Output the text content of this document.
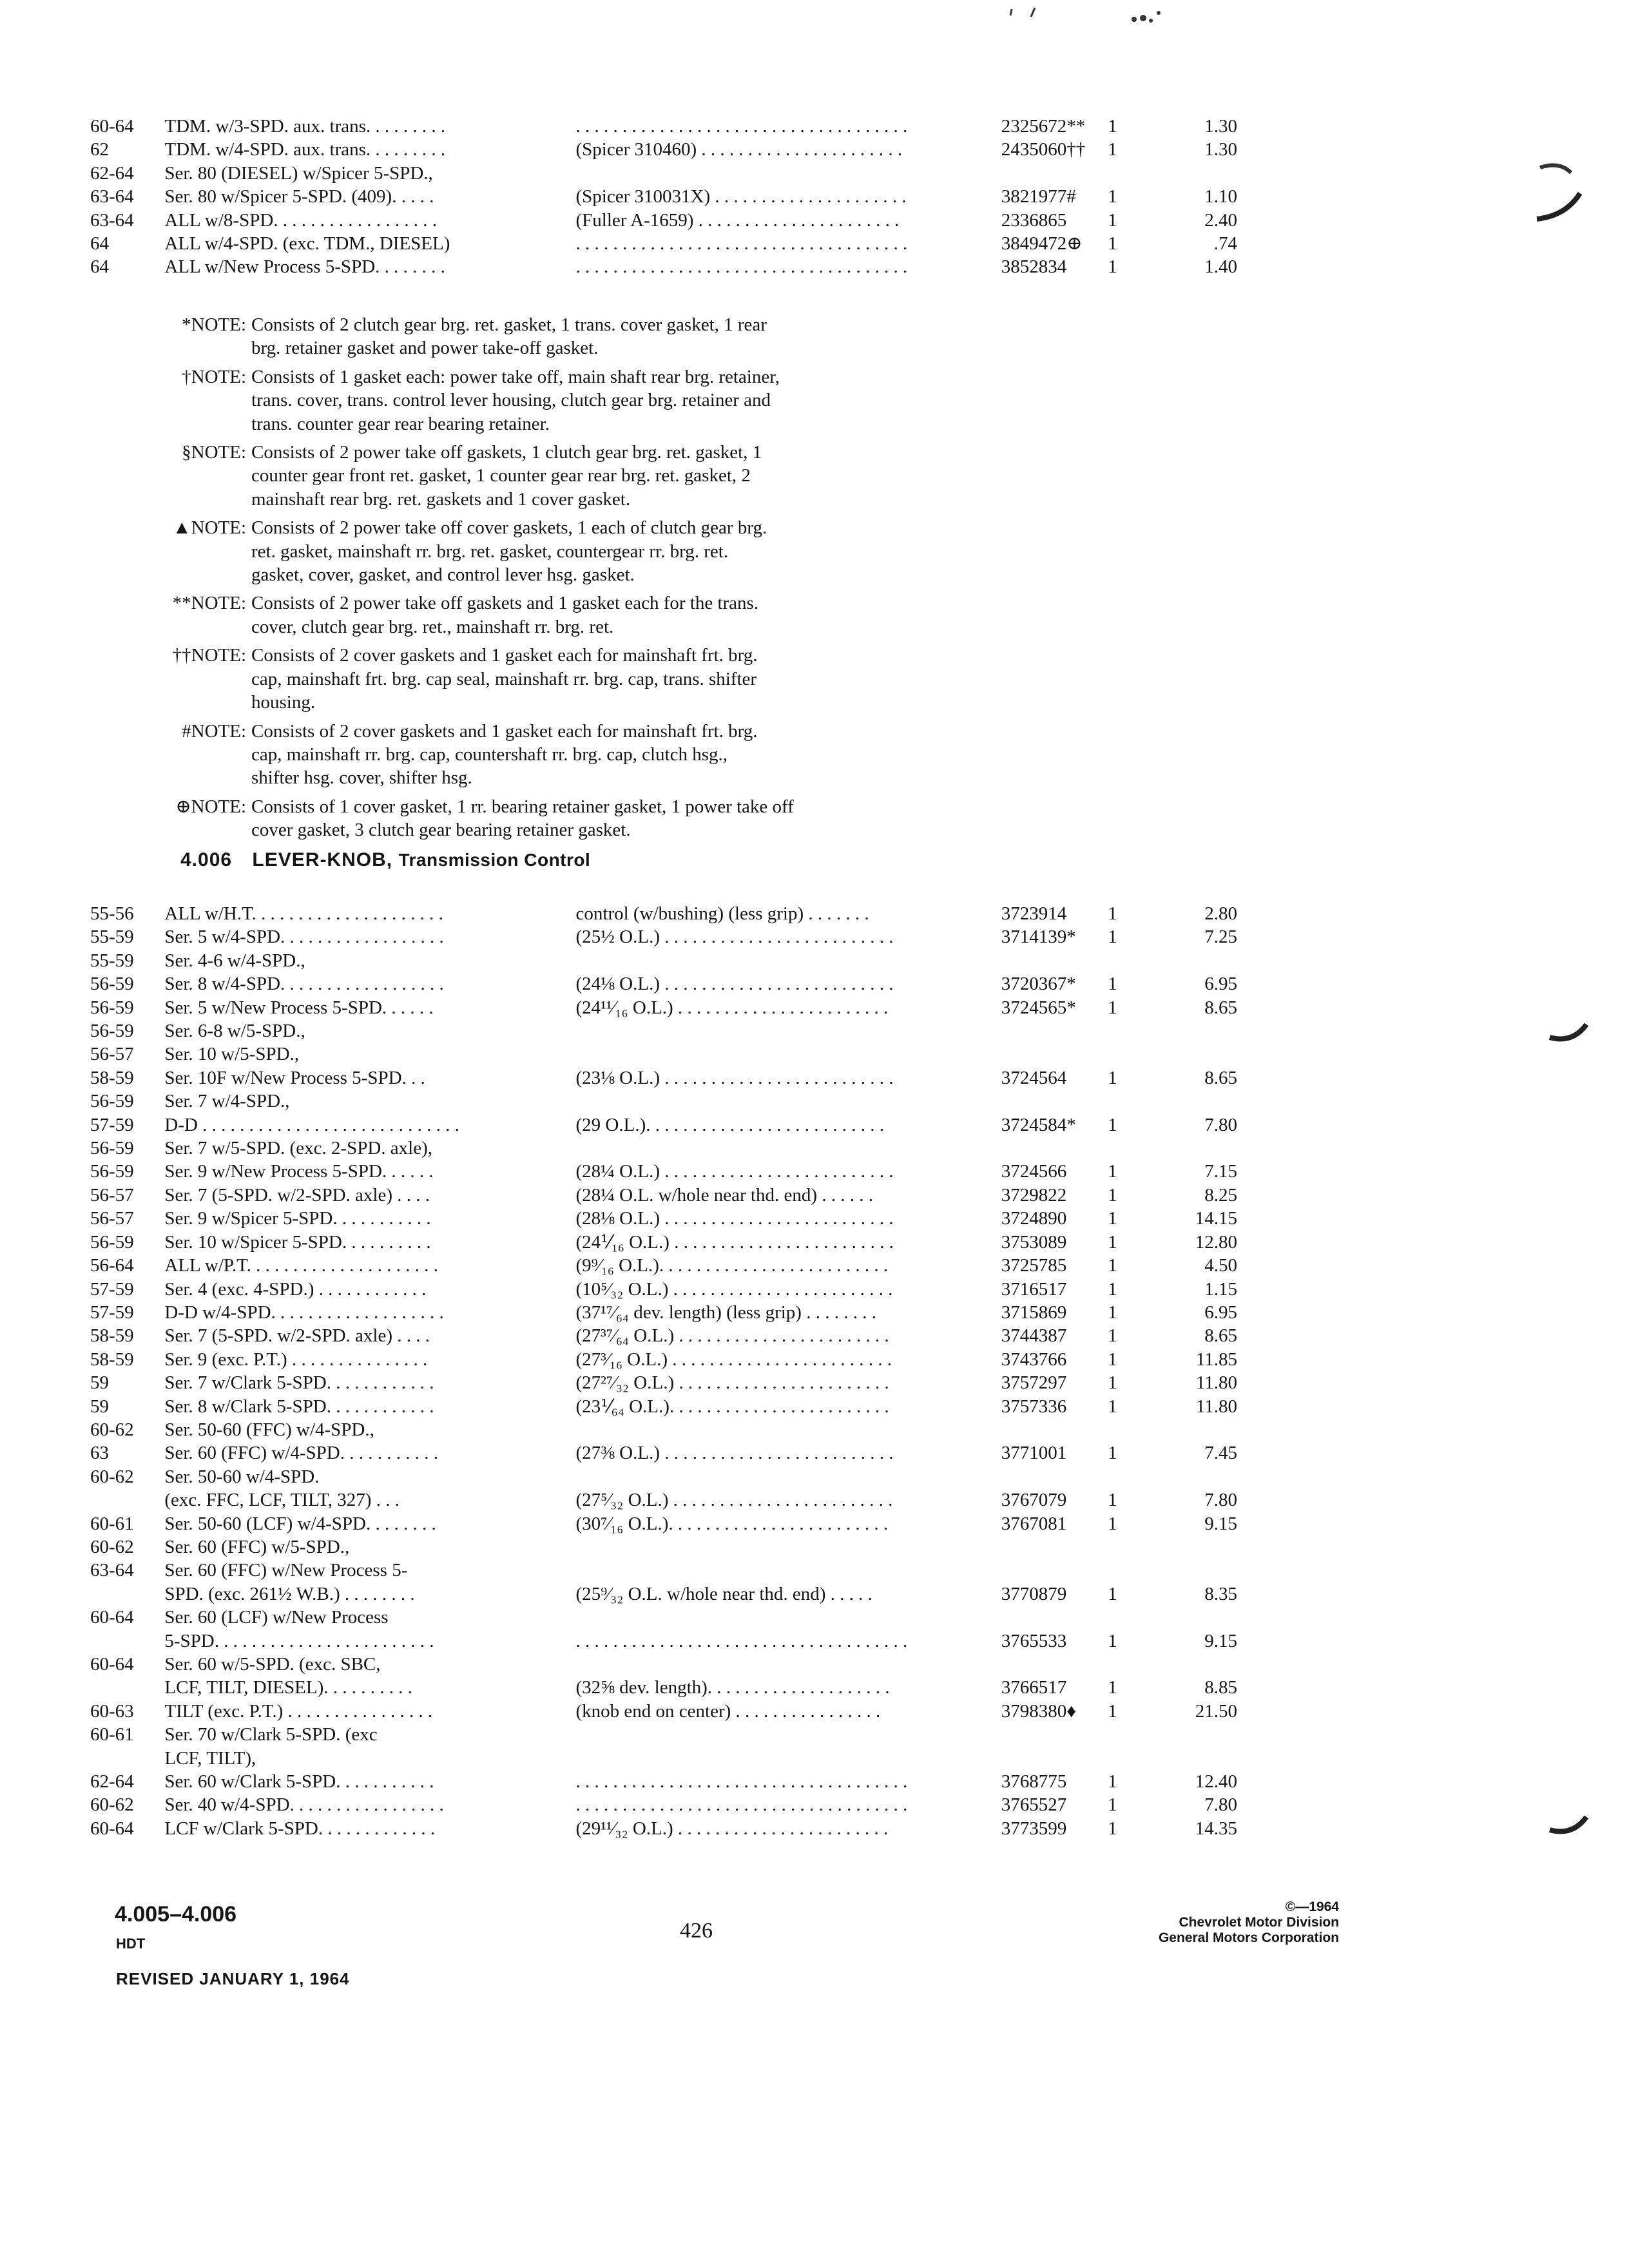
60-64	TDM. w/3-SPD. aux. trans. . . . . . . . .	. . . . . . . . . . . . . . . . . . . . . . . . . . . . . . . . . . . .	2325672**	1	1.30
62	TDM. w/4-SPD. aux. trans. . . . . . . . .	(Spicer 310460) . . . . . . . . . . . . . . . . . . . . . .	2435060††	1	1.30
62-64	Ser. 80 (DIESEL) w/Spicer 5-SPD.,				
63-64	Ser. 80 w/Spicer 5-SPD. (409). . . . .	(Spicer 310031X) . . . . . . . . . . . . . . . . . . . . .	3821977#	1	1.10
63-64	ALL w/8-SPD. . . . . . . . . . . . . . . . . .	(Fuller A-1659) . . . . . . . . . . . . . . . . . . . . . .	2336865	1	2.40
64	ALL w/4-SPD. (exc. TDM., DIESEL)	. . . . . . . . . . . . . . . . . . . . . . . . . . . . . . . . . . . .	3849472⊕	1	.74
64	ALL w/New Process 5-SPD. . . . . . . .	. . . . . . . . . . . . . . . . . . . . . . . . . . . . . . . . . . . .	3852834	1	1.40
*NOTE: Consists of 2 clutch gear brg. ret. gasket, 1 trans. cover gasket, 1 rear
brg. retainer gasket and power take-off gasket.
†NOTE: Consists of 1 gasket each: power take off, main shaft rear brg. retainer,
trans. cover, trans. control lever housing, clutch gear brg. retainer and
trans. counter gear rear bearing retainer.
§NOTE: Consists of 2 power take off gaskets, 1 clutch gear brg. ret. gasket, 1
counter gear front ret. gasket, 1 counter gear rear brg. ret. gasket, 2
mainshaft rear brg. ret. gaskets and 1 cover gasket.
▲NOTE: Consists of 2 power take off cover gaskets, 1 each of clutch gear brg.
ret. gasket, mainshaft rr. brg. ret. gasket, countergear rr. brg. ret.
gasket, cover, gasket, and control lever hsg. gasket.
**NOTE: Consists of 2 power take off gaskets and 1 gasket each for the trans.
cover, clutch gear brg. ret., mainshaft rr. brg. ret.
††NOTE: Consists of 2 cover gaskets and 1 gasket each for mainshaft frt. brg.
cap, mainshaft frt. brg. cap seal, mainshaft rr. brg. cap, trans. shifter
housing.
#NOTE: Consists of 2 cover gaskets and 1 gasket each for mainshaft frt. brg.
cap, mainshaft rr. brg. cap, countershaft rr. brg. cap, clutch hsg.,
shifter hsg. cover, shifter hsg.
⊕NOTE: Consists of 1 cover gasket, 1 rr. bearing retainer gasket, 1 power take off
cover gasket, 3 clutch gear bearing retainer gasket.
4.006 LEVER-KNOB, Transmission Control
55-56	ALL w/H.T. . . . . . . . . . . . . . . . . . . . .	control (w/bushing) (less grip) . . . . . . .	3723914	1	2.80
55-59	Ser. 5 w/4-SPD. . . . . . . . . . . . . . . . . .	(25½ O.L.) . . . . . . . . . . . . . . . . . . . . . . . . .	3714139*	1	7.25
55-59	Ser. 4-6 w/4-SPD.,				
56-59	Ser. 8 w/4-SPD. . . . . . . . . . . . . . . . . .	(24⅛ O.L.) . . . . . . . . . . . . . . . . . . . . . . . . .	3720367*	1	6.95
56-59	Ser. 5 w/New Process 5-SPD. . . . . .	(24¹¹⁄₁₆ O.L.) . . . . . . . . . . . . . . . . . . . . . . .	3724565*	1	8.65
56-59	Ser. 6-8 w/5-SPD.,				
56-57	Ser. 10 w/5-SPD.,				
58-59	Ser. 10F w/New Process 5-SPD. . .	(23⅛ O.L.) . . . . . . . . . . . . . . . . . . . . . . . . .	3724564	1	8.65
56-59	Ser. 7 w/4-SPD.,				
57-59	D-D . . . . . . . . . . . . . . . . . . . . . . . . . . . .	(29 O.L.). . . . . . . . . . . . . . . . . . . . . . . . . .	3724584*	1	7.80
56-59	Ser. 7 w/5-SPD. (exc. 2-SPD. axle),				
56-59	Ser. 9 w/New Process 5-SPD. . . . . .	(28¼ O.L.) . . . . . . . . . . . . . . . . . . . . . . . . .	3724566	1	7.15
56-57	Ser. 7 (5-SPD. w/2-SPD. axle) . . . .	(28¼ O.L. w/hole near thd. end) . . . . . .	3729822	1	8.25
56-57	Ser. 9 w/Spicer 5-SPD. . . . . . . . . . .	(28⅛ O.L.) . . . . . . . . . . . . . . . . . . . . . . . . .	3724890	1	14.15
56-59	Ser. 10 w/Spicer 5-SPD. . . . . . . . . .	(24⅟₁₆ O.L.) . . . . . . . . . . . . . . . . . . . . . . . .	3753089	1	12.80
56-64	ALL w/P.T. . . . . . . . . . . . . . . . . . . . .	(9⁹⁄₁₆ O.L.). . . . . . . . . . . . . . . . . . . . . . . . .	3725785	1	4.50
57-59	Ser. 4 (exc. 4-SPD.) . . . . . . . . . . . .	(10⁵⁄₃₂ O.L.) . . . . . . . . . . . . . . . . . . . . . . . .	3716517	1	1.15
57-59	D-D w/4-SPD. . . . . . . . . . . . . . . . . . .	(37¹⁷⁄₆₄ dev. length) (less grip) . . . . . . . .	3715869	1	6.95
58-59	Ser. 7 (5-SPD. w/2-SPD. axle) . . . .	(27³⁷⁄₆₄ O.L.) . . . . . . . . . . . . . . . . . . . . . . .	3744387	1	8.65
58-59	Ser. 9 (exc. P.T.) . . . . . . . . . . . . . . .	(27³⁄₁₆ O.L.) . . . . . . . . . . . . . . . . . . . . . . . .	3743766	1	11.85
59	Ser. 7 w/Clark 5-SPD. . . . . . . . . . . .	(27²⁷⁄₃₂ O.L.) . . . . . . . . . . . . . . . . . . . . . . .	3757297	1	11.80
59	Ser. 8 w/Clark 5-SPD. . . . . . . . . . . .	(23⅟₆₄ O.L.). . . . . . . . . . . . . . . . . . . . . . . .	3757336	1	11.80
60-62	Ser. 50-60 (FFC) w/4-SPD.,				
63	Ser. 60 (FFC) w/4-SPD. . . . . . . . . . .	(27⅜ O.L.) . . . . . . . . . . . . . . . . . . . . . . . . .	3771001	1	7.45
60-62	Ser. 50-60 w/4-SPD.				
	(exc. FFC, LCF, TILT, 327) . . .	(27⁵⁄₃₂ O.L.) . . . . . . . . . . . . . . . . . . . . . . . .	3767079	1	7.80
60-61	Ser. 50-60 (LCF) w/4-SPD. . . . . . . .	(30⁷⁄₁₆ O.L.). . . . . . . . . . . . . . . . . . . . . . . .	3767081	1	9.15
60-62	Ser. 60 (FFC) w/5-SPD.,				
63-64	Ser. 60 (FFC) w/New Process 5-				
	SPD. (exc. 261½ W.B.) . . . . . . . .	(25⁹⁄₃₂ O.L. w/hole near thd. end) . . . . .	3770879	1	8.35
60-64	Ser. 60 (LCF) w/New Process				
	5-SPD. . . . . . . . . . . . . . . . . . . . . . . .	. . . . . . . . . . . . . . . . . . . . . . . . . . . . . . . . . . . .	3765533	1	9.15
60-64	Ser. 60 w/5-SPD. (exc. SBC,				
	LCF, TILT, DIESEL). . . . . . . . . .	(32⅝ dev. length). . . . . . . . . . . . . . . . . . . .	3766517	1	8.85
60-63	TILT (exc. P.T.) . . . . . . . . . . . . . . . .	(knob end on center) . . . . . . . . . . . . . . . .	3798380♦	1	21.50
60-61	Ser. 70 w/Clark 5-SPD. (exc				
	LCF, TILT),				
62-64	Ser. 60 w/Clark 5-SPD. . . . . . . . . . .	. . . . . . . . . . . . . . . . . . . . . . . . . . . . . . . . . . . .	3768775	1	12.40
60-62	Ser. 40 w/4-SPD. . . . . . . . . . . . . . . . .	. . . . . . . . . . . . . . . . . . . . . . . . . . . . . . . . . . . .	3765527	1	7.80
60-64	LCF w/Clark 5-SPD. . . . . . . . . . . . .	(29¹¹⁄₃₂ O.L.) . . . . . . . . . . . . . . . . . . . . . . .	3773599	1	14.35
4.005–4.006
HDT
REVISED JANUARY 1, 1964
426
©—1964
Chevrolet Motor Division
General Motors Corporation
